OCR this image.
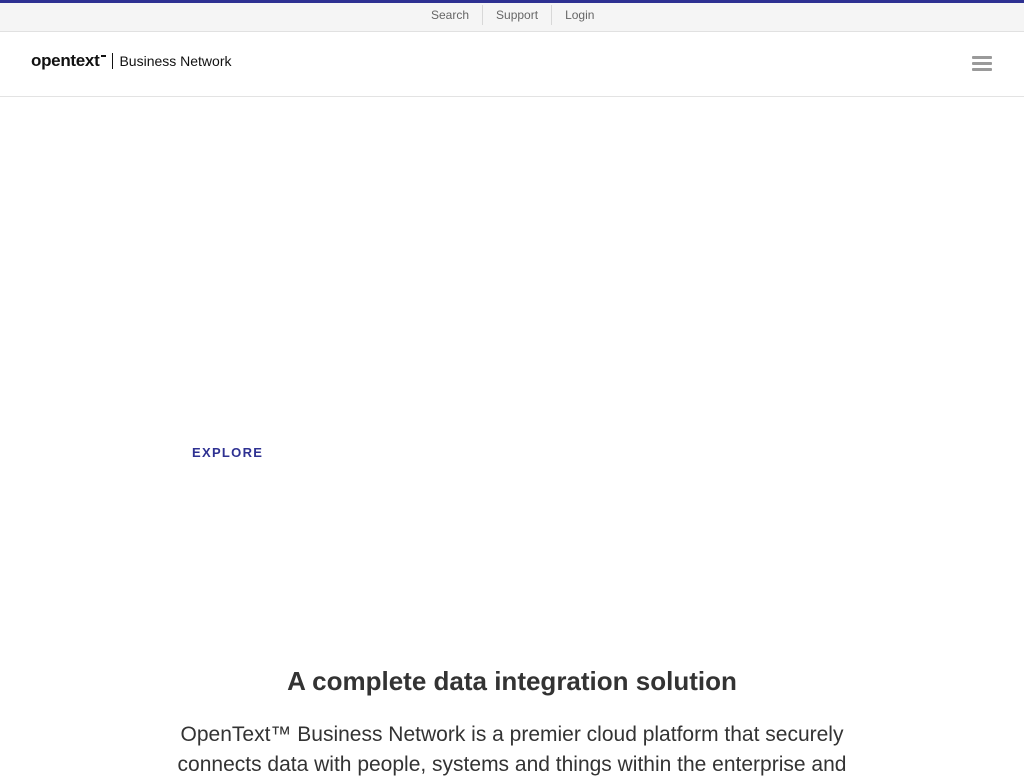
Search	Support	Login
opentext Business Network
EXPLORE
A complete data integration solution

OpenText™ Business Network is a premier cloud platform that securely connects data with people, systems and things within the enterprise and
